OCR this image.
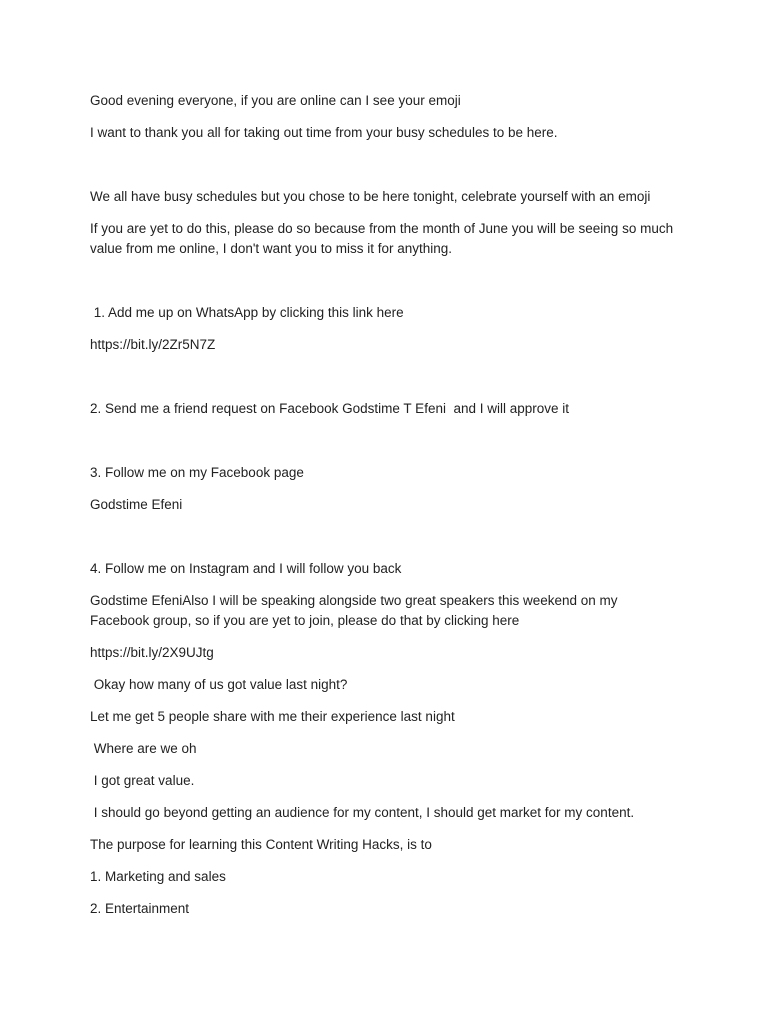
Good evening everyone, if you are online can I see your emoji

I want to thank you all for taking out time from your busy schedules to be here.

We all have busy schedules but you chose to be here tonight, celebrate yourself with an emoji

If you are yet to do this, please do so because from the month of June you will be seeing so much value from me online, I don't want you to miss it for anything.

1. Add me up on WhatsApp by clicking this link here

https://bit.ly/2Zr5N7Z

2. Send me a friend request on Facebook Godstime T Efeni  and I will approve it

3. Follow me on my Facebook page

Godstime Efeni

4. Follow me on Instagram and I will follow you back

Godstime EfeniAlso I will be speaking alongside two great speakers this weekend on my Facebook group, so if you are yet to join, please do that by clicking here

https://bit.ly/2X9UJtg

Okay how many of us got value last night?

Let me get 5 people share with me their experience last night

Where are we oh

I got great value.

I should go beyond getting an audience for my content, I should get market for my content.

The purpose for learning this Content Writing Hacks, is to

1. Marketing and sales

2. Entertainment
